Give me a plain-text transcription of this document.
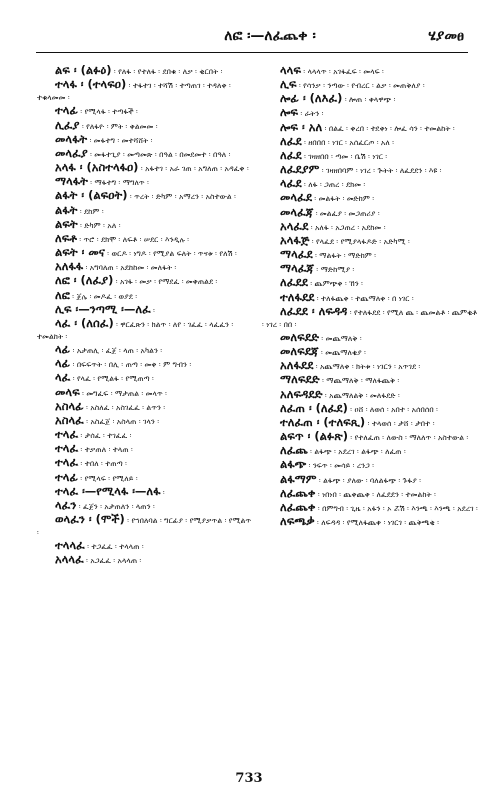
ለፎ ፡—ለፈጨቀ ፡	ሄያመፀ

ልፍ ፡ (ልፉዕ) ፡ የለፋ ፡ የተለፋ ፡ ደበቁ ፡ ለቃ ፡ ቂርበት ፡

ተላፋ ፡ (ተላፍዐ) ፡ ተፋተገ ፡ ተሻሽ ፡ ተጣጠገ ፡ ተዳለቀ ፡ ተቁላመመ ፡

ተላፊ ፡ የሚላፋ ፡ ተጣፋች ፡

ሊፈያ ፡ የለፋዮ ፡ ምት ፡ ቀልመመ ፡

መላፋት ፡ መፋተግ ፡ መተሻሸት ፡

መላፈያ ፡ መፋተጊያ ፡ መጣመጽ ፡ በዓል ፡ በመደመተ ፡ በዓለ ፡

አላፋ ፡ (አስተላፋዐ) ፡ አፋተገ ፡ አራ ገጠ ፡ አግለጠ ፡ አዳፈቀ ፡

ማላፋት ፡ ማፋተግ ፡ ማግለጥ ፡

ልፋት ፡ (ልፍዐት) ፡ ጥረት ፡ ድካም ፡ አማረን ፡ አስተውል ፡

ልፋት ፡ ደከም ፡

ልፍት ፡ ድካም ፡ አለ ፡

ለፍቶ ፡ ጥሮ ፡ ደክሞ ፡ ለፍቶ ፡ ሠደር ፡ እንዲሉ ፡

ልፍት ፡ መና ፡ ወርዶ ፡ ነግዶ ፡ የሚያል ፍለት ፡ ጥናቱ ፡ የለሽ ፡

አለፋፋ ፡ አግባለጠ ፡ አደከከመ ፡ መለፋት ፡

ለፎ ፡ (ለፈያ) ፡ አገፋ ፡ መቃ ፡ የማደፈ ፡ መቀጠልደ ፡

ለፎ ፡ ጀሌ ፡ መዶፈ ፡ ወያደ ፡

ሊፍ ፡—ንጣሚ ፡—ለፈ ፡

ላፈ ፡ (ለሰፈ) ፡ ዋርፈጽን ፡ ክልጥ ፡ ለየ ፡ ገፈፈ ፡ ላፈፈን ፡ ተመልከት ፡

ላፊ ፡ አታጠሊ ፡ ፈጀ ፡ ላጠ ፡ አካልን ፡

ላፊ ፡ በፍፍጥት ፡ በሊ ፡ ጠጣ ፡ መቀ ፡ ም ግብን ፡

ላፈ ፡ የላፈ ፡ የሚልፋ ፡ የሚጠጣ ፡

መላፍ ፡ መግፈፍ ፡ ማታጠል ፡ መላጥ ፡

አስላፊ ፡ አስለፈ ፡ አስገፈፈ ፡ ልጥን ፡

አስላፈ ፡ አስፈጀ ፡ አስላጠ ፡ ገላን ፡

ተላፈ ፡ ታሰፈ ፡ ተገፈፈ ፡

ተላፈ ፡ ተቃጠለ ፡ ተላጠ ፡

ተላፈ ፡ ተበለ ፡ ተጠጣ ፡

ተላፊ ፡ የሚላፍ ፡ የሚለይ ፡

ተላፈ ፡—የሚላፋ ፡—ለፋ ፡

ላፈን ፡ ፈጀን ፡ አታጠለን ፡ ላጠን ፡

ወላፈን ፡ (ሞች) ፡ የኀበለባል ፡ ግርፊያ ፡ የሚያቃጥል ፡ የሚልጥ ፡

ተላላፈ ፡ ተጋፈፈ ፡ ተላላጠ ፡

አላላፈ ፡ አጋፈፈ ፡ አላላጠ ፡

ላላፍ ፡ ላላላጥ ፡ አገፋፈፍ ፡ መላፍ ፡

ሊፍ ፡ የሳንቃ ፡ ንጣው ፡ የብረር ፡ ልቃ ፡ መጠቅለያ ፡

ሎፊ ፡ (ለእፈ) ፡ ሎጠ ፡ ቀላዋጭ ፡

ሎፍ ፡ ራትን ፡

ሎፍ ፡ አለ ፡ በልፈ ፡ ቀረበ ፡ ተደቀነ ፡ ሎፈ ሳን ፡ ተመልከት ፡

ለፈደ ፡ ዘበበበ ፡ ነገር ፡ አሰፈርጦ ፡ አለ ፡

ለፈደ ፡ ገዛዘበበ ፡ ጣመ ፡ ቤሽ ፡ ነገር ፡

ለፈደያም ፡ ገዛዘበባም ፡ ነገረ ፡ ጕትት ፡ ለፈደደን ፡ እዩ ፡

ላፈደ ፡ ለፋ ፡ ጋጠረ ፡ ደክመ ፡

መላፈደ ፡ መልፋት ፡ መድከም ፡

መላፈጃ ፡ መልፈያ ፡ መጋጠሪያ ፡

አላፈደ ፡ አለፋ ፡ አጋጠረ ፡ አደከመ ፡

አላፋጅ ፡ የላፈደ ፡ የሚያላፋዶድ ፡ አድካሚ ፡

ማላፈደ ፡ ማልፋት ፡ ማድከም ፡

ማላፈጃ ፡ ማድከሚያ ፡

ለፈደደ ፡ ጨምጭቀ ፡ ኸን ፡

ተለፋደደ ፡ ተለፋጨቀ ፡ ተጨማለቀ ፡ በ ነገር ፡

ለፈደደ ፡ ለፍዳዳ ፡ የተለፋደደ ፡ የሚለ ጨ ፡ ጨመልቶ ፡ ጨምቂቶ ፡ ነገረ ፡ በበ ፡

መለፍደድ ፡ መጨማለቅ ፡

መለፍደጃ ፡ መጨማለቂያ ፡

አለፋደደ ፡ አጨማለቀ ፡ ክትቱ ፡ ነገርን ፡ አጥገደ ፡

ማለፍደድ ፡ ማጨማለቅ ፡ ማለፋጨቅ ፡

አለፍዳደድ ፡ አጨማለልቅ ፡ መለፋደድ ፡

ለፈጠ ፡ (ለፈደ) ፡ ዐሸ ፡ ለወሰ ፡ አበተ ፡ አሰበሰበ ፡

ተለፈጠ ፡ (ተለፍጺ) ፡ ተላወሰ ፡ ታሸ ፡ ታበተ ፡

ልፍጥ ፡ (ልፉጽ) ፡ የተለፈጠ ፡ ለውስ ፡ ማለለጥ ፡ አስተውል ፡

ለፈጨ ፡ ልፋጭ ፡ አደረገ ፡ ልፋጭ ፡ ለፈጠ ፡

ልፋጭ ፡ ንፍጥ ፡ መሳይ ፡ ረንጋ ፡

ልፋማም ፡ ልፋጭ ፡ ያለው ፡ ባለልፋጭ ፡ ጉፋያ ፡

ለፈጨቀ ፡ ነበነበ ፡ ጨቀጨቀ ፡ ለፈደደን ፡ ተመልከት ፡

ለፈጨቀ ፡ በምግብ ፡ ጊዜ ፡ አፋን ፡ ኦ ሯሽ ፡ እንጫ ፡ እንጫ ፡ አደረገ ፡

ለፍጫቃ ፡ ለፍዳዳ ፡ የሚለፋጨቀ ፡ ነገርገ ፡ ጨቅጫቂ ፡

733
